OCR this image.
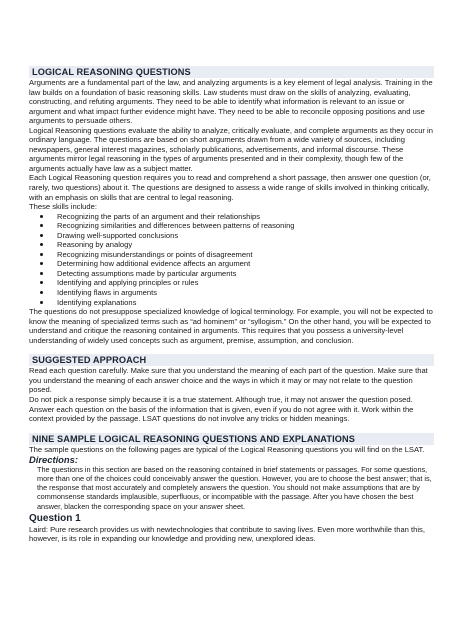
LOGICAL REASONING QUESTIONS

Arguments are a fundamental part of the law, and analyzing arguments is a key element of legal analysis. Training in the law builds on a foundation of basic reasoning skills. Law students must draw on the skills of analyzing, evaluating, constructing, and refuting arguments. They need to be able to identify what information is relevant to an issue or argument and what impact further evidence might have. They need to be able to reconcile opposing positions and use arguments to persuade others.

Logical Reasoning questions evaluate the ability to analyze, critically evaluate, and complete arguments as they occur in ordinary language. The questions are based on short arguments drawn from a wide variety of sources, including newspapers, general interest magazines, scholarly publications, advertisements, and informal discourse. These arguments mirror legal reasoning in the types of arguments presented and in their complexity, though few of the arguments actually have law as a subject matter.

Each Logical Reasoning question requires you to read and comprehend a short passage, then answer one question (or, rarely, two questions) about it. The questions are designed to assess a wide range of skills involved in thinking critically, with an emphasis on skills that are central to legal reasoning.

These skills include:

Recognizing the parts of an argument and their relationships
Recognizing similarities and differences between patterns of reasoning
Drawing well-supported conclusions
Reasoning by analogy
Recognizing misunderstandings or points of disagreement
Determining how additional evidence affects an argument
Detecting assumptions made by particular arguments
Identifying and applying principles or rules
Identifying flaws in arguments
Identifying explanations

The questions do not presuppose specialized knowledge of logical terminology. For example, you will not be expected to know the meaning of specialized terms such as “ad hominem” or “syllogism.” On the other hand, you will be expected to understand and critique the reasoning contained in arguments. This requires that you possess a university-level understanding of widely used concepts such as argument, premise, assumption, and conclusion.

SUGGESTED APPROACH

Read each question carefully. Make sure that you understand the meaning of each part of the question. Make sure that you understand the meaning of each answer choice and the ways in which it may or may not relate to the question posed.

Do not pick a response simply because it is a true statement. Although true, it may not answer the question posed.

Answer each question on the basis of the information that is given, even if you do not agree with it. Work within the context provided by the passage. LSAT questions do not involve any tricks or hidden meanings.

NINE SAMPLE LOGICAL REASONING QUESTIONS AND EXPLANATIONS

The sample questions on the following pages are typical of the Logical Reasoning questions you will find on the LSAT.

Directions:

The questions in this section are based on the reasoning contained in brief statements or passages. For some questions, more than one of the choices could conceivably answer the question. However, you are to choose the best answer; that is, the response that most accurately and completely answers the question. You should not make assumptions that are by commonsense standards implausible, superfluous, or incompatible with the passage. After you have chosen the best answer, blacken the corresponding space on your answer sheet.

Question 1

Laird: Pure research provides us with newtechnologies that contribute to saving lives. Even more worthwhile than this, however, is its role in expanding our knowledge and providing new, unexplored ideas.
